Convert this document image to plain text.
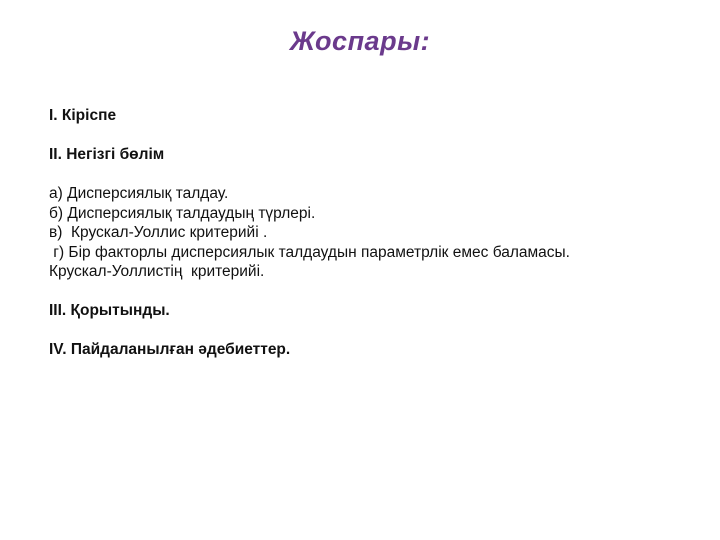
Жоспары:
I. Кіріспе
II. Негізгі бөлім
а) Дисперсиялық талдау.
б) Дисперсиялық талдаудың түрлері.
в)  Крускал-Уоллис критерийі .
г) Бір факторлы дисперсиялык талдаудын параметрлік емес баламасы.
Крускал-Уоллистің  критерийі.
III. Қорытынды.
IV. Пайдаланылған әдебиеттер.
